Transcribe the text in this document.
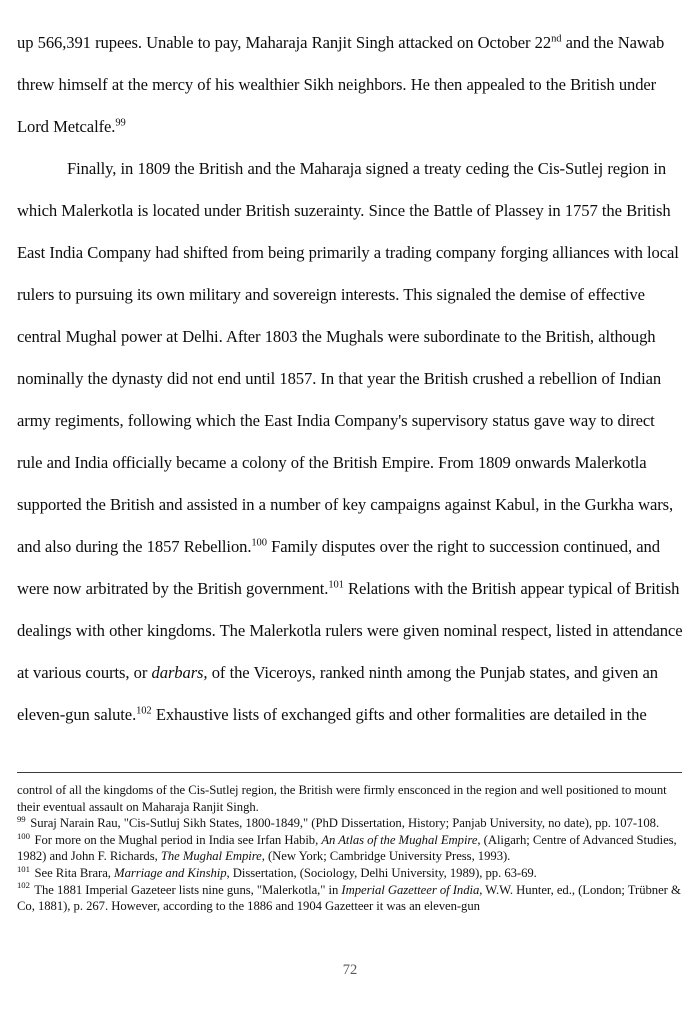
up 566,391 rupees. Unable to pay, Maharaja Ranjit Singh attacked on October 22nd and the Nawab threw himself at the mercy of his wealthier Sikh neighbors. He then appealed to the British under Lord Metcalfe.$^{99}$

Finally, in 1809 the British and the Maharaja signed a treaty ceding the Cis-Sutlej region in which Malerkotla is located under British suzerainty. Since the Battle of Plassey in 1757 the British East India Company had shifted from being primarily a trading company forging alliances with local rulers to pursuing its own military and sovereign interests. This signaled the demise of effective central Mughal power at Delhi. After 1803 the Mughals were subordinate to the British, although nominally the dynasty did not end until 1857. In that year the British crushed a rebellion of Indian army regiments, following which the East India Company's supervisory status gave way to direct rule and India officially became a colony of the British Empire. From 1809 onwards Malerkotla supported the British and assisted in a number of key campaigns against Kabul, in the Gurkha wars, and also during the 1857 Rebellion.$^{100}$ Family disputes over the right to succession continued, and were now arbitrated by the British government.$^{101}$ Relations with the British appear typical of British dealings with other kingdoms. The Malerkotla rulers were given nominal respect, listed in attendance at various courts, or darbars, of the Viceroys, ranked ninth among the Punjab states, and given an eleven-gun salute.$^{102}$ Exhaustive lists of exchanged gifts and other formalities are detailed in the

control of all the kingdoms of the Cis-Sutlej region, the British were firmly ensconced in the region and well positioned to mount their eventual assault on Maharaja Ranjit Singh.

$^{99}$ Suraj Narain Rau, "Cis-Sutluj Sikh States, 1800-1849," (PhD Dissertation, History; Panjab University, no date), pp. 107-108.

$^{100}$ For more on the Mughal period in India see Irfan Habib, An Atlas of the Mughal Empire, (Aligarh; Centre of Advanced Studies, 1982) and John F. Richards, The Mughal Empire, (New York; Cambridge University Press, 1993).

$^{101}$ See Rita Brara, Marriage and Kinship, Dissertation, (Sociology, Delhi University, 1989), pp. 63-69.

$^{102}$ The 1881 Imperial Gazeteer lists nine guns, "Malerkotla," in Imperial Gazetteer of India, W.W. Hunter, ed., (London; Trübner & Co, 1881), p. 267. However, according to the 1886 and 1904 Gazetteer it was an eleven-gun

72
